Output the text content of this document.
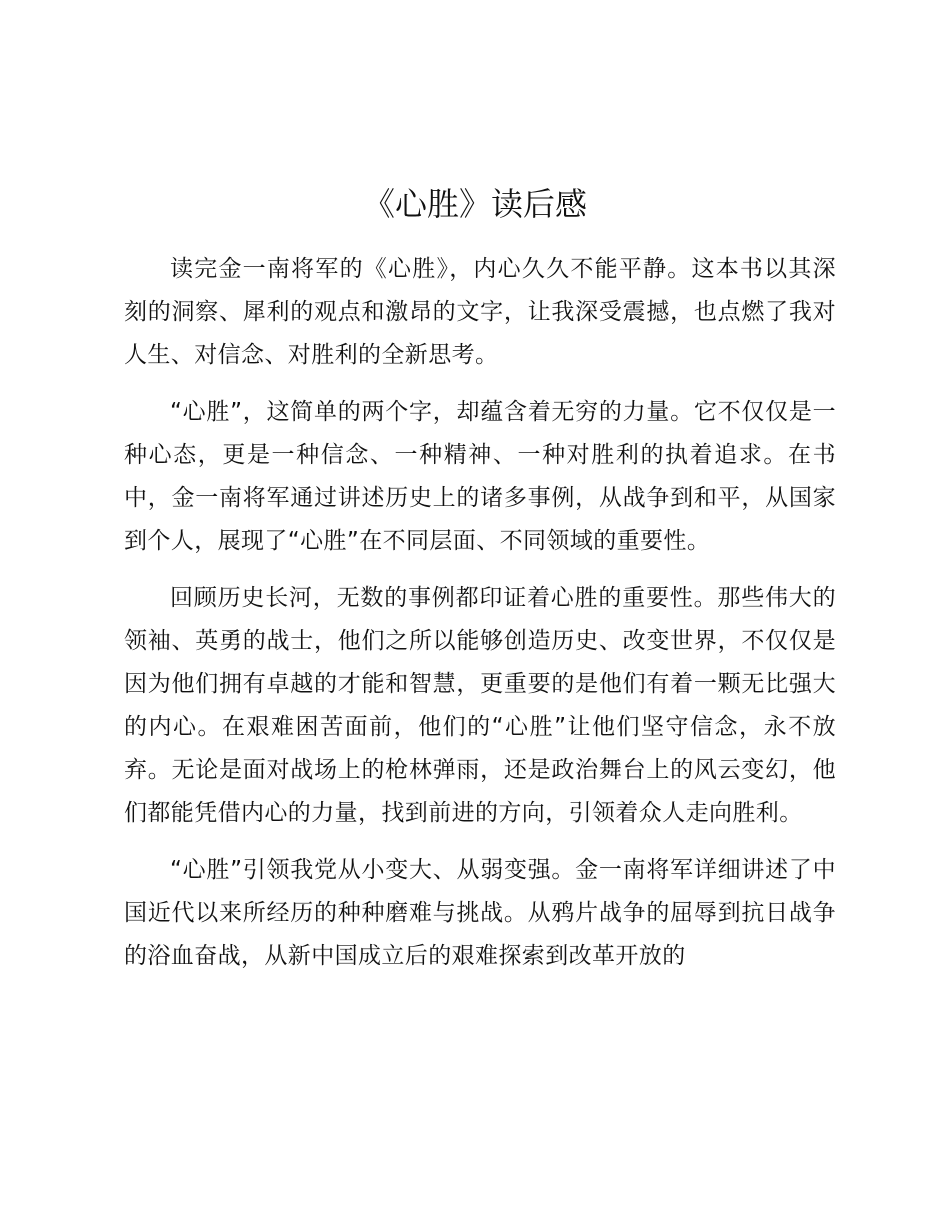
《心胜》读后感

读完金一南将军的《心胜》，内心久久不能平静。这本书以其深刻的洞察、犀利的观点和激昂的文字，让我深受震撼，也点燃了我对人生、对信念、对胜利的全新思考。

“心胜”，这简单的两个字，却蕴含着无穷的力量。它不仅仅是一种心态，更是一种信念、一种精神、一种对胜利的执着追求。在书中，金一南将军通过讲述历史上的诸多事例，从战争到和平，从国家到个人，展现了“心胜”在不同层面、不同领域的重要性。

回顾历史长河，无数的事例都印证着心胜的重要性。那些伟大的领袖、英勇的战士，他们之所以能够创造历史、改变世界，不仅仅是因为他们拥有卓越的才能和智慧，更重要的是他们有着一颗无比强大的内心。在艰难困苦面前，他们的“心胜”让他们坚守信念，永不放弃。无论是面对战场上的枪林弹雨，还是政治舞台上的风云变幻，他们都能凭借内心的力量，找到前进的方向，引领着众人走向胜利。

“心胜”引领我党从小变大、从弱变强。金一南将军详细讲述了中国近代以来所经历的种种磨难与挑战。从鸦片战争的屈辱到抗日战争的浴血奋战，从新中国成立后的艰难探索到改革开放的
